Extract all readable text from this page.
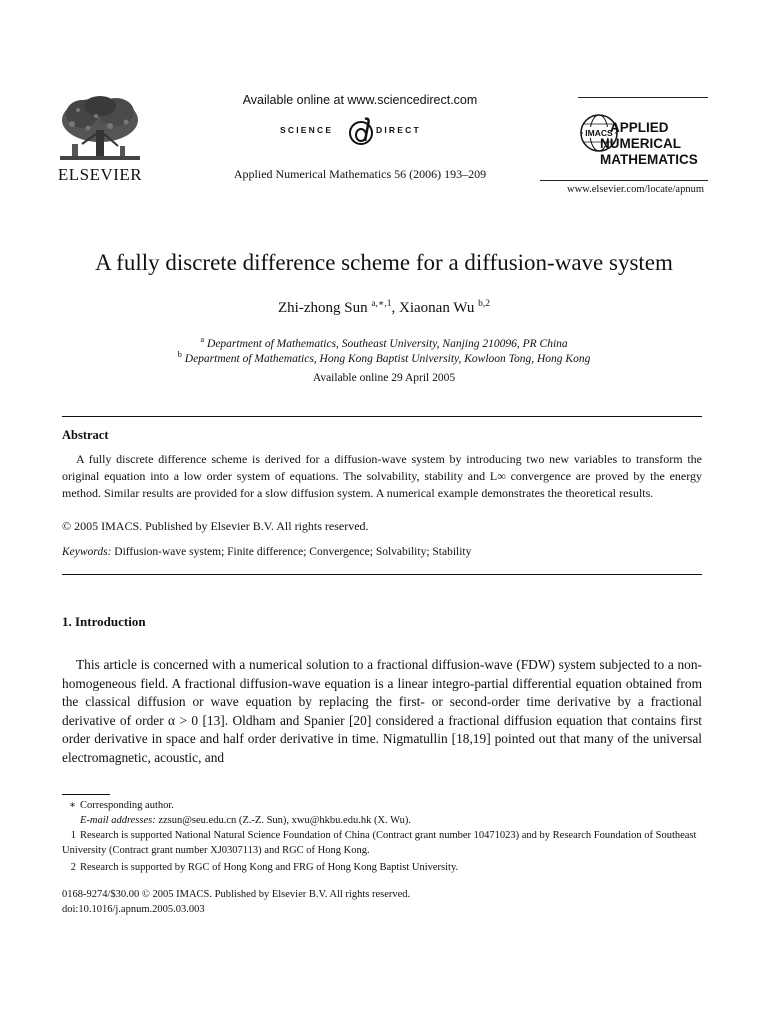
ELSEVIER
Available online at www.sciencedirect.com
SCIENCE	DIRECT
Applied Numerical Mathematics 56 (2006) 193–209
IMACS
APPLIED
NUMERICAL
MATHEMATICS
www.elsevier.com/locate/apnum
A fully discrete difference scheme for a diffusion-wave system
Zhi-zhong Sun $^{a,∗,1}$, Xiaonan Wu $^{b,2}$
$^a$ Department of Mathematics, Southeast University, Nanjing 210096, PR China
$^b$ Department of Mathematics, Hong Kong Baptist University, Kowloon Tong, Hong Kong
Available online 29 April 2005
Abstract

A fully discrete difference scheme is derived for a diffusion-wave system by introducing two new variables to transform the original equation into a low order system of equations. The solvability, stability and L∞ convergence are proved by the energy method. Similar results are provided for a slow diffusion system. A numerical example demonstrates the theoretical results.

© 2005 IMACS. Published by Elsevier B.V. All rights reserved.
Keywords: Diffusion-wave system; Finite difference; Convergence; Solvability; Stability
1. Introduction
This article is concerned with a numerical solution to a fractional diffusion-wave (FDW) system subjected to a non-homogeneous field. A fractional diffusion-wave equation is a linear integro-partial differential equation obtained from the classical diffusion or wave equation by replacing the first- or second-order time derivative by a fractional derivative of order α > 0 [13]. Oldham and Spanier [20] considered a fractional diffusion equation that contains first order derivative in space and half order derivative in time. Nigmatullin [18,19] pointed out that many of the universal electromagnetic, acoustic, and
∗ Corresponding author.
E-mail addresses: zzsun@seu.edu.cn (Z.-Z. Sun), xwu@hkbu.edu.hk (X. Wu).
1 Research is supported National Natural Science Foundation of China (Contract grant number 10471023) and by Research Foundation of Southeast University (Contract grant number XJ0307113) and RGC of Hong Kong.
2 Research is supported by RGC of Hong Kong and FRG of Hong Kong Baptist University.
0168-9274/$30.00 © 2005 IMACS. Published by Elsevier B.V. All rights reserved.
doi:10.1016/j.apnum.2005.03.003
